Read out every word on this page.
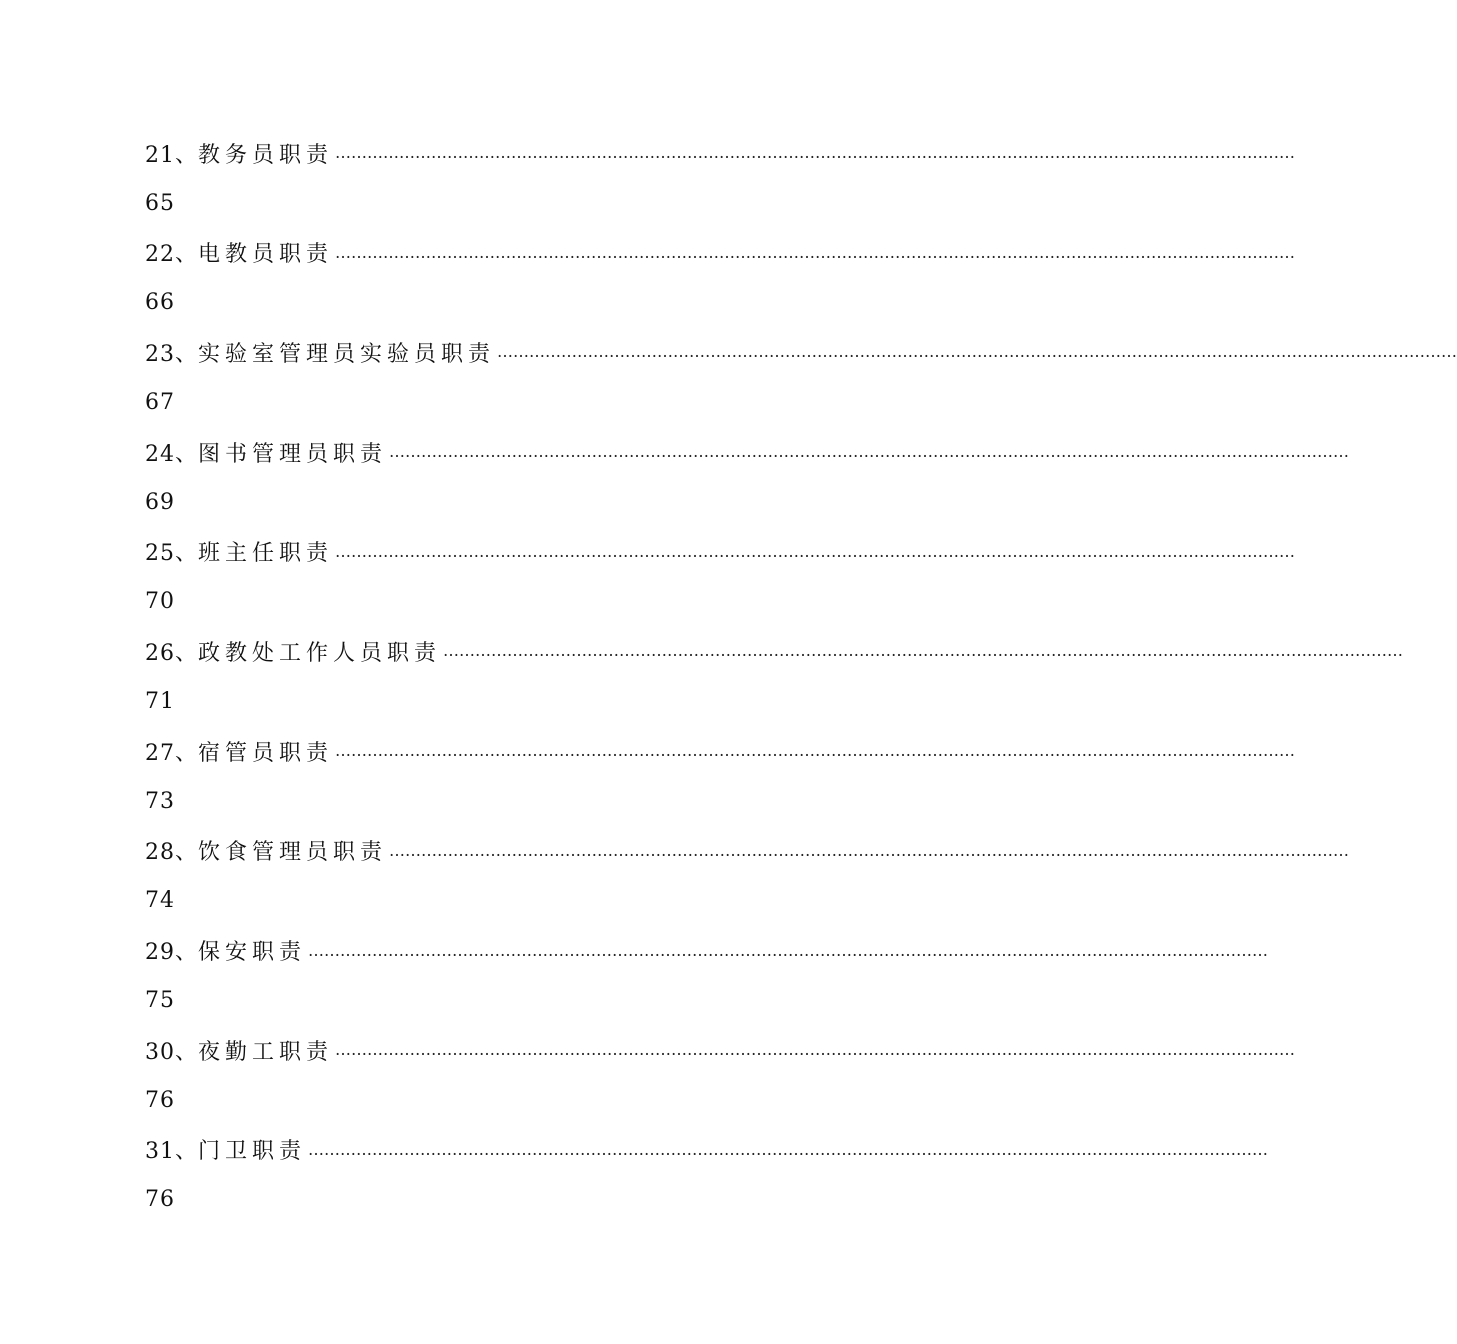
21、 教务员职责 ………………………………………………………………………………………………………………………………………………………………
65
22、 电教员职责 ………………………………………………………………………………………………………………………………………………………………
66
23、 实验室管理员实验员职责 ………………………………………………………………………………………………………………………………………………………………
67
24、 图书管理员职责 ………………………………………………………………………………………………………………………………………………………………
69
25、 班主任职责 ………………………………………………………………………………………………………………………………………………………………
70
26、 政教处工作人员职责 ………………………………………………………………………………………………………………………………………………………………
71
27、 宿管员职责 ………………………………………………………………………………………………………………………………………………………………
73
28、 饮食管理员职责 ………………………………………………………………………………………………………………………………………………………………
74
29、 保安职责 ………………………………………………………………………………………………………………………………………………………………
75
30、 夜勤工职责 ………………………………………………………………………………………………………………………………………………………………
76
31、 门卫职责 ………………………………………………………………………………………………………………………………………………………………
76
